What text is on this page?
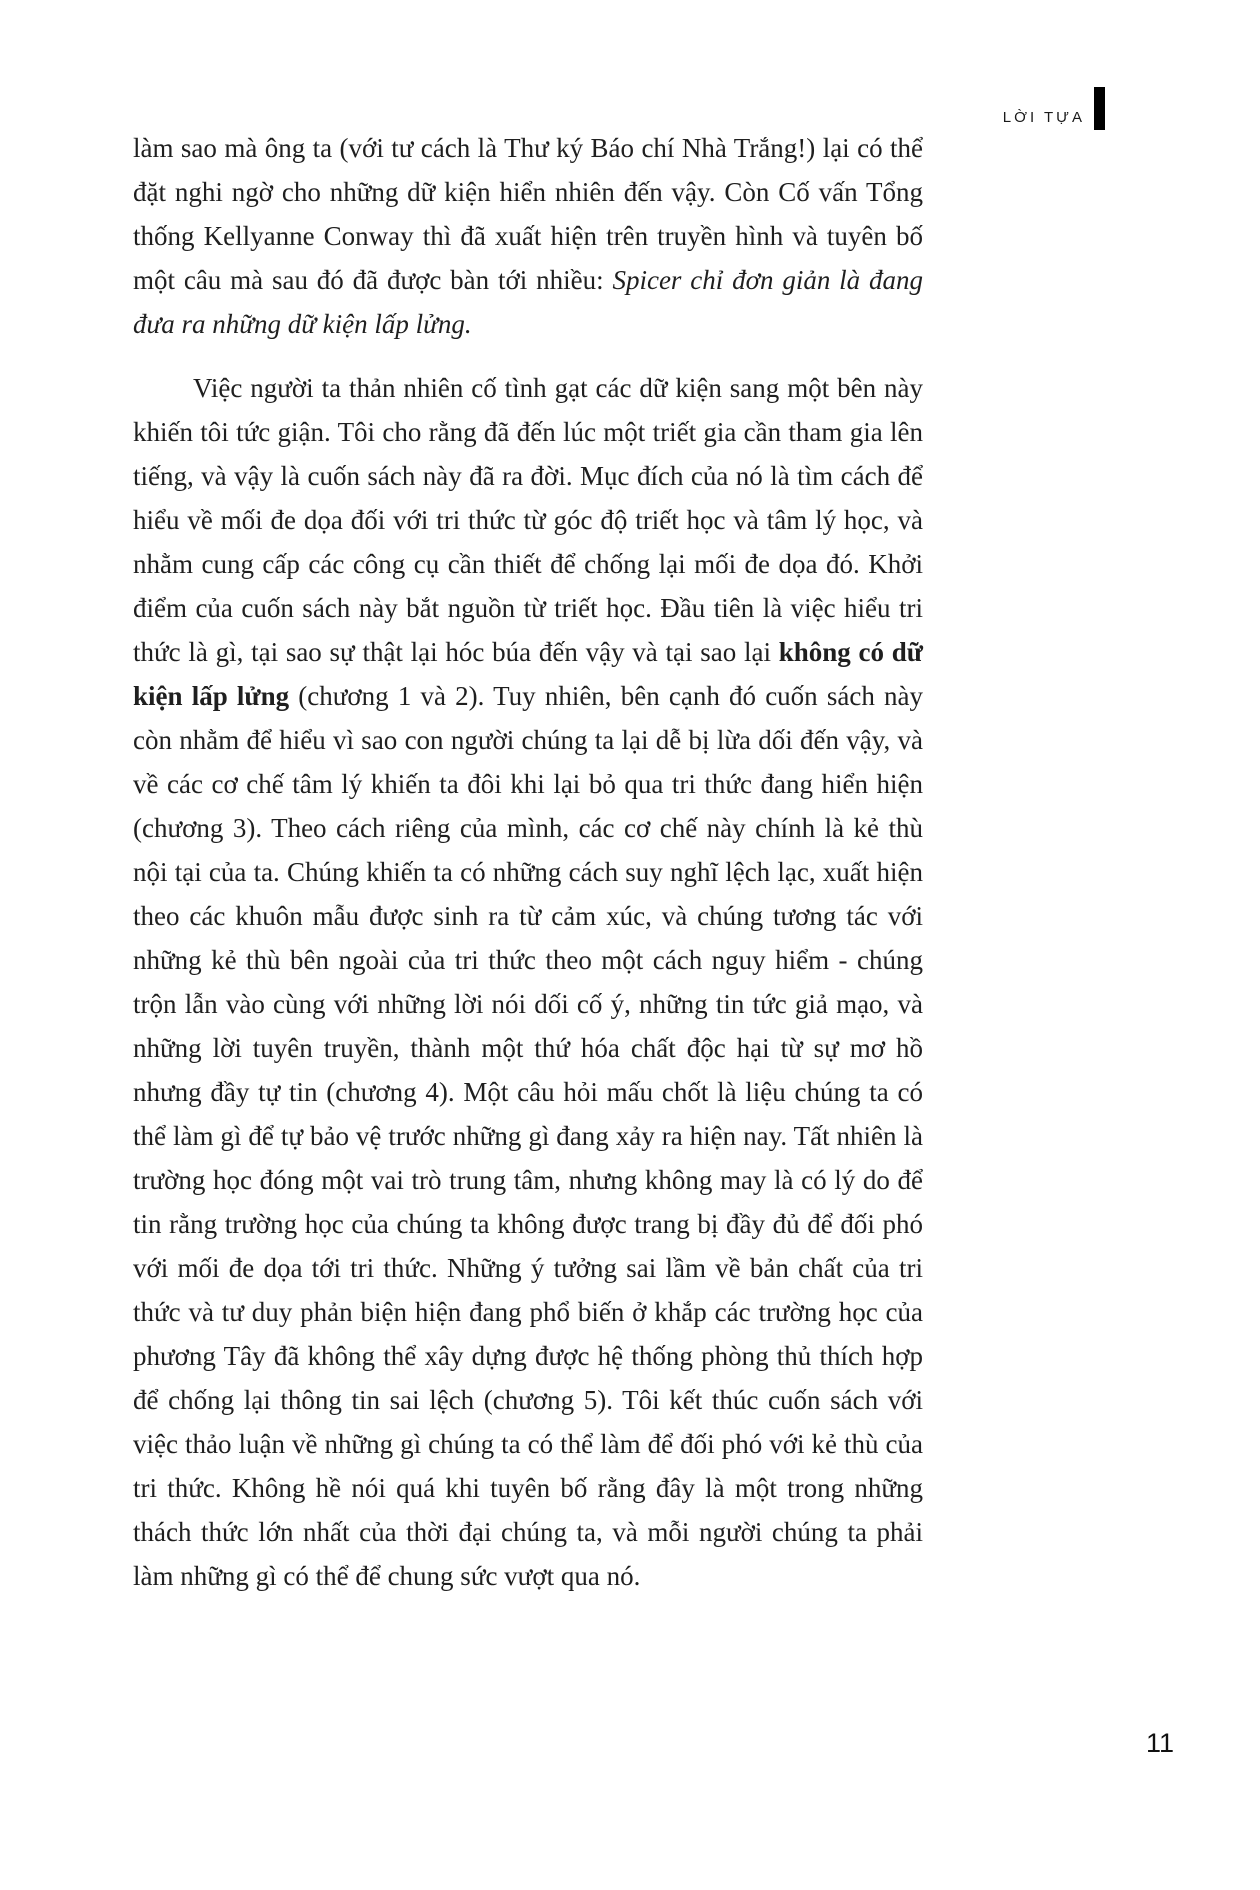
LỜI TỰA

làm sao mà ông ta (với tư cách là Thư ký Báo chí Nhà Trắng!) lại có thể đặt nghi ngờ cho những dữ kiện hiển nhiên đến vậy. Còn Cố vấn Tổng thống Kellyanne Conway thì đã xuất hiện trên truyền hình và tuyên bố một câu mà sau đó đã được bàn tới nhiều: Spicer chỉ đơn giản là đang đưa ra những dữ kiện lấp lửng.

Việc người ta thản nhiên cố tình gạt các dữ kiện sang một bên này khiến tôi tức giận. Tôi cho rằng đã đến lúc một triết gia cần tham gia lên tiếng, và vậy là cuốn sách này đã ra đời. Mục đích của nó là tìm cách để hiểu về mối đe dọa đối với tri thức từ góc độ triết học và tâm lý học, và nhằm cung cấp các công cụ cần thiết để chống lại mối đe dọa đó. Khởi điểm của cuốn sách này bắt nguồn từ triết học. Đầu tiên là việc hiểu tri thức là gì, tại sao sự thật lại hóc búa đến vậy và tại sao lại không có dữ kiện lấp lửng (chương 1 và 2). Tuy nhiên, bên cạnh đó cuốn sách này còn nhằm để hiểu vì sao con người chúng ta lại dễ bị lừa dối đến vậy, và về các cơ chế tâm lý khiến ta đôi khi lại bỏ qua tri thức đang hiển hiện (chương 3). Theo cách riêng của mình, các cơ chế này chính là kẻ thù nội tại của ta. Chúng khiến ta có những cách suy nghĩ lệch lạc, xuất hiện theo các khuôn mẫu được sinh ra từ cảm xúc, và chúng tương tác với những kẻ thù bên ngoài của tri thức theo một cách nguy hiểm - chúng trộn lẫn vào cùng với những lời nói dối cố ý, những tin tức giả mạo, và những lời tuyên truyền, thành một thứ hóa chất độc hại từ sự mơ hồ nhưng đầy tự tin (chương 4). Một câu hỏi mấu chốt là liệu chúng ta có thể làm gì để tự bảo vệ trước những gì đang xảy ra hiện nay. Tất nhiên là trường học đóng một vai trò trung tâm, nhưng không may là có lý do để tin rằng trường học của chúng ta không được trang bị đầy đủ để đối phó với mối đe dọa tới tri thức. Những ý tưởng sai lầm về bản chất của tri thức và tư duy phản biện hiện đang phổ biến ở khắp các trường học của phương Tây đã không thể xây dựng được hệ thống phòng thủ thích hợp để chống lại thông tin sai lệch (chương 5). Tôi kết thúc cuốn sách với việc thảo luận về những gì chúng ta có thể làm để đối phó với kẻ thù của tri thức. Không hề nói quá khi tuyên bố rằng đây là một trong những thách thức lớn nhất của thời đại chúng ta, và mỗi người chúng ta phải làm những gì có thể để chung sức vượt qua nó.

11
